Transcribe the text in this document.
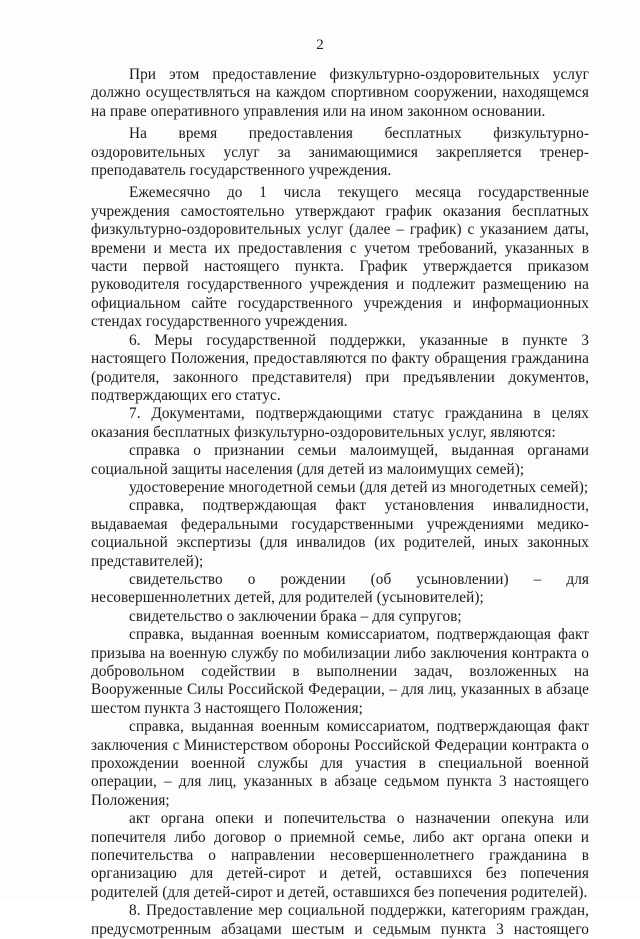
2

При этом предоставление физкультурно-оздоровительных услуг должно осуществляться на каждом спортивном сооружении, находящемся на праве оперативного управления или на ином законном основании.

На время предоставления бесплатных физкультурно-оздоровительных услуг за занимающимися закрепляется тренер-преподаватель государственного учреждения.

Ежемесячно до 1 числа текущего месяца государственные учреждения самостоятельно утверждают график оказания бесплатных физкультурно-оздоровительных услуг (далее – график) с указанием даты, времени и места их предоставления с учетом требований, указанных в части первой настоящего пункта. График утверждается приказом руководителя государственного учреждения и подлежит размещению на официальном сайте государственного учреждения и информационных стендах государственного учреждения.

6. Меры государственной поддержки, указанные в пункте 3 настоящего Положения, предоставляются по факту обращения гражданина (родителя, законного представителя) при предъявлении документов, подтверждающих его статус.

7. Документами, подтверждающими статус гражданина в целях оказания бесплатных физкультурно-оздоровительных услуг, являются:

справка о признании семьи малоимущей, выданная органами социальной защиты населения (для детей из малоимущих семей);

удостоверение многодетной семьи (для детей из многодетных семей);

справка, подтверждающая факт установления инвалидности, выдаваемая федеральными государственными учреждениями медико-социальной экспертизы (для инвалидов (их родителей, иных законных представителей);

свидетельство о рождении (об усыновлении) – для несовершеннолетних детей, для родителей (усыновителей);

свидетельство о заключении брака – для супругов;

справка, выданная военным комиссариатом, подтверждающая факт призыва на военную службу по мобилизации либо заключения контракта о добровольном содействии в выполнении задач, возложенных на Вооруженные Силы Российской Федерации, – для лиц, указанных в абзаце шестом пункта 3 настоящего Положения;

справка, выданная военным комиссариатом, подтверждающая факт заключения с Министерством обороны Российской Федерации контракта о прохождении военной службы для участия в специальной военной операции, – для лиц, указанных в абзаце седьмом пункта 3 настоящего Положения;

акт органа опеки и попечительства о назначении опекуна или попечителя либо договор о приемной семье, либо акт органа опеки и попечительства о направлении несовершеннолетнего гражданина в организацию для детей-сирот и детей, оставшихся без попечения родителей (для детей-сирот и детей, оставшихся без попечения родителей).

8. Предоставление мер социальной поддержки, категориям граждан, предусмотренным абзацами шестым и седьмым пункта 3 настоящего
